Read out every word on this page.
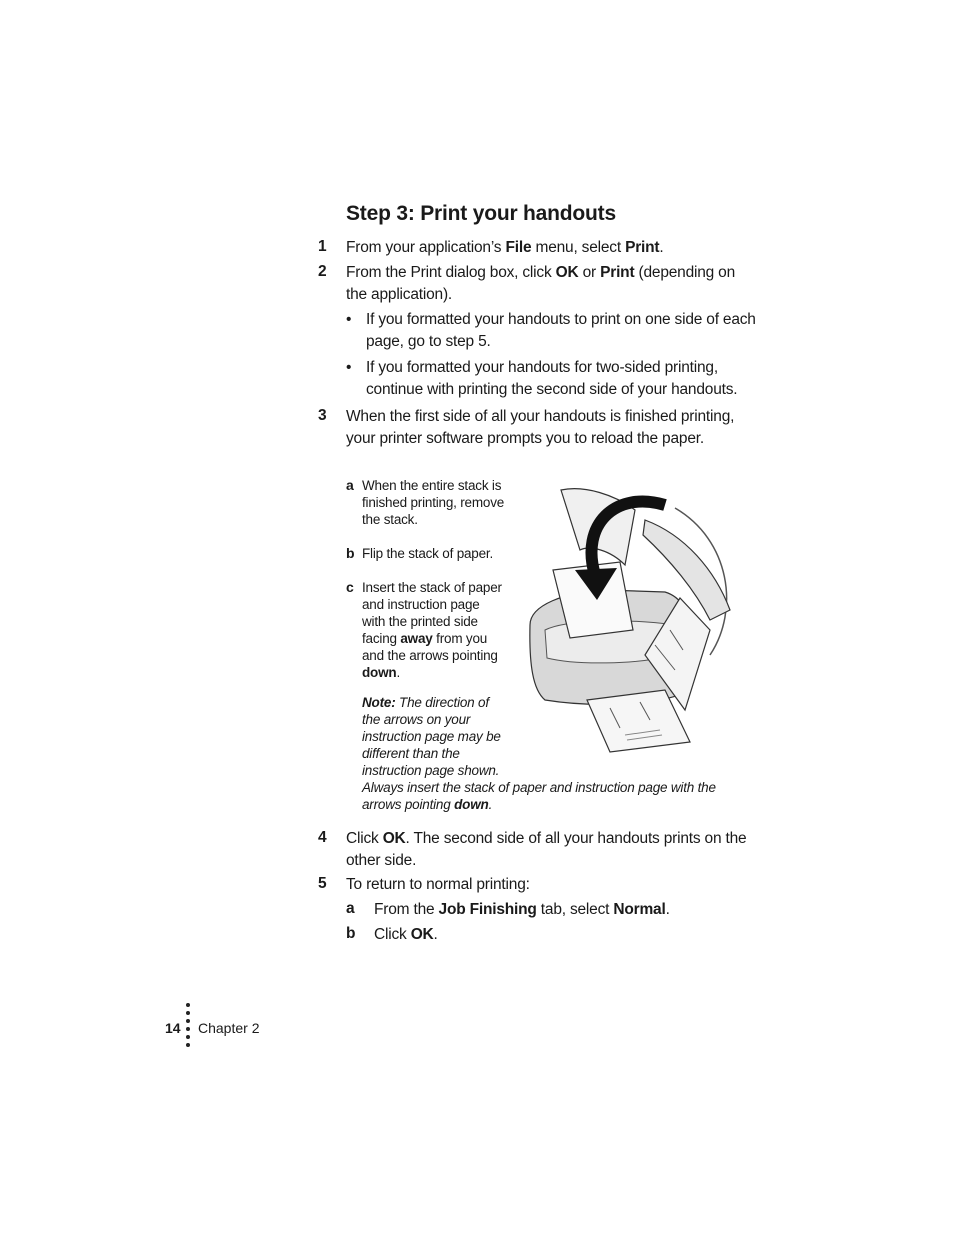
Step 3: Print your handouts
1 From your application’s File menu, select Print.
2 From the Print dialog box, click OK or Print (depending on
the application).
• If you formatted your handouts to print on one side of each
page, go to step 5.
• If you formatted your handouts for two-sided printing,
continue with printing the second side of your handouts.
3 When the first side of all your handouts is finished printing,
your printer software prompts you to reload the paper.
a When the entire stack is
finished printing, remove
the stack.
b Flip the stack of paper.
c Insert the stack of paper
and instruction page
with the printed side
facing away from you
and the arrows pointing
down.
Note: The direction of
the arrows on your
instruction page may be
different than the
instruction page shown.
Always insert the stack of paper and instruction page with the
arrows pointing down.
4 Click OK. The second side of all your handouts prints on the
other side.
5 To return to normal printing:
a From the Job Finishing tab, select Normal.
b Click OK.
14 Chapter 2
